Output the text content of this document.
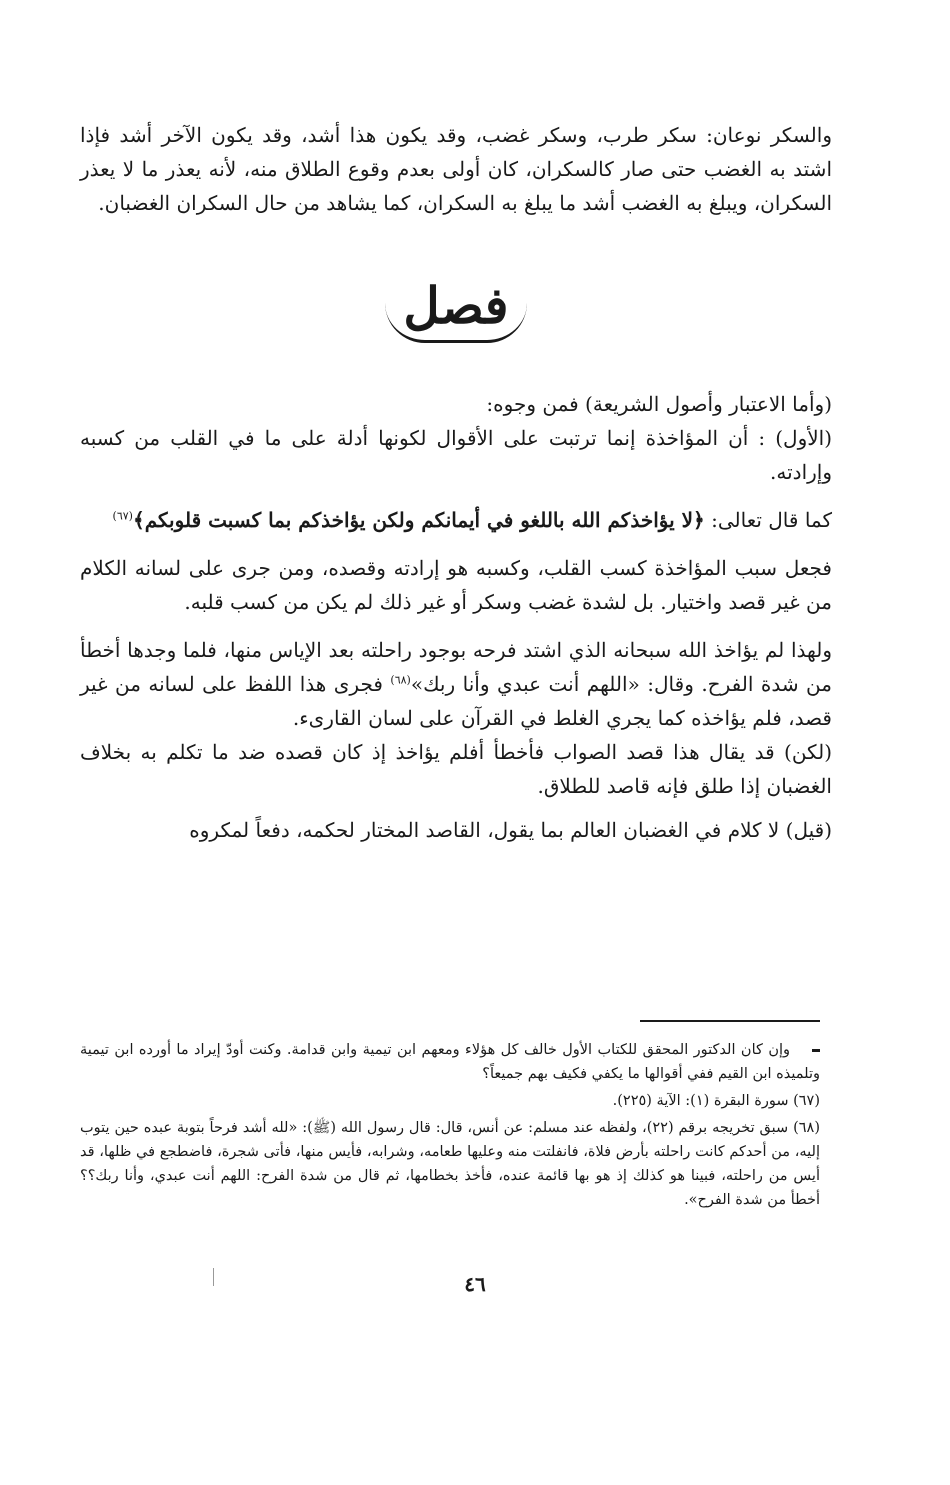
والسكر نوعان: سكر طرب، وسكر غضب، وقد يكون هذا أشد، وقد يكون الآخر أشد فإذا اشتد به الغضب حتى صار كالسكران، كان أولى بعدم وقوع الطلاق منه، لأنه يعذر ما لا يعذر السكران، ويبلغ به الغضب أشد ما يبلغ به السكران، كما يشاهد من حال السكران الغضبان.

فصل

(وأما الاعتبار وأصول الشريعة) فمن وجوه:

(الأول) : أن المؤاخذة إنما ترتبت على الأقوال لكونها أدلة على ما في القلب من كسبه وإرادته.

كما قال تعالى: ﴿لا يؤاخذكم الله باللغو في أيمانكم ولكن يؤاخذكم بما كسبت قلوبكم﴾$^{(٦٧)}$

فجعل سبب المؤاخذة كسب القلب، وكسبه هو إرادته وقصده، ومن جرى على لسانه الكلام من غير قصد واختيار. بل لشدة غضب وسكر أو غير ذلك لم يكن من كسب قلبه.

ولهذا لم يؤاخذ الله سبحانه الذي اشتد فرحه بوجود راحلته بعد الإياس منها، فلما وجدها أخطأ من شدة الفرح. وقال: «اللهم أنت عبدي وأنا ربك»$^{(٦٨)}$ فجرى هذا اللفظ على لسانه من غير قصد، فلم يؤاخذه كما يجري الغلط في القرآن على لسان القارىء.

(لكن) قد يقال هذا قصد الصواب فأخطأ أفلم يؤاخذ إذ كان قصده ضد ما تكلم به بخلاف الغضبان إذا طلق فإنه قاصد للطلاق.

(قيل) لا كلام في الغضبان العالم بما يقول، القاصد المختار لحكمه، دفعاً لمكروه

وإن كان الدكتور المحقق للكتاب الأول خالف كل هؤلاء ومعهم ابن تيمية وابن قدامة. وكنت أودّ إيراد ما أورده ابن تيمية وتلميذه ابن القيم ففي أقوالها ما يكفي فكيف بهم جميعاً؟

(٦٧) سورة البقرة (١): الآية (٢٢٥).

(٦٨) سبق تخريجه برقم (٢٢)، ولفظه عند مسلم: عن أنس، قال: قال رسول الله (ﷺ): «لله أشد فرحاً بتوبة عبده حين يتوب إليه، من أحدكم كانت راحلته بأرض فلاة، فانفلتت منه وعليها طعامه، وشرابه، فأيس منها، فأتى شجرة، فاضطجع في ظلها، قد أيس من راحلته، فبينا هو كذلك إذ هو بها قائمة عنده، فأخذ بخطامها، ثم قال من شدة الفرح: اللهم أنت عبدي، وأنا ربك؟؟ أخطأ من شدة الفرح».

٤٦
